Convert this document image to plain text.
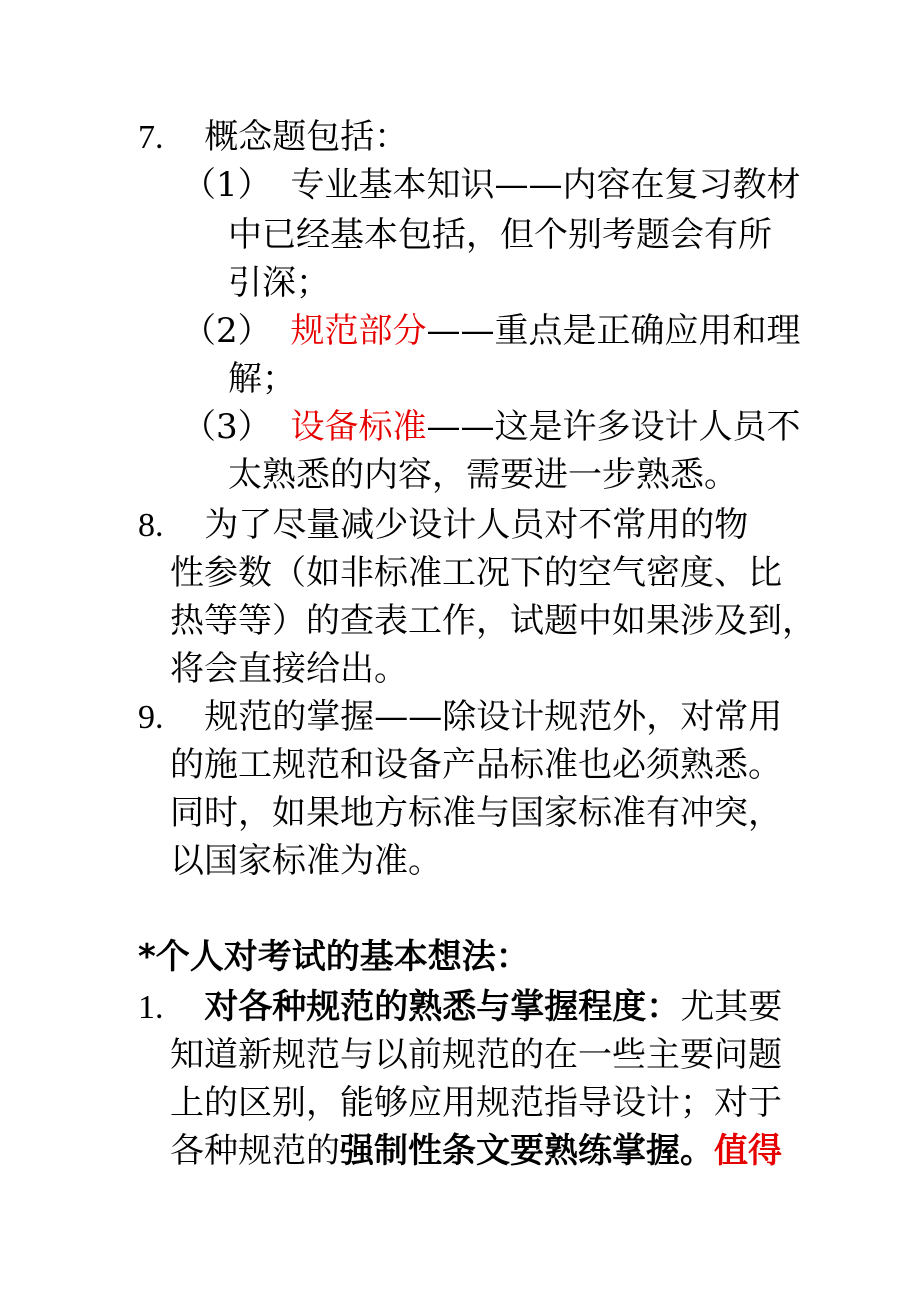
7. 概念题包括：
（1） 专业基本知识——内容在复习教材
中已经基本包括，但个别考题会有所
引深；
（2） 规范部分——重点是正确应用和理
解；
（3） 设备标准——这是许多设计人员不
太熟悉的内容，需要进一步熟悉。
8. 为了尽量减少设计人员对不常用的物
性参数（如非标准工况下的空气密度、比
热等等）的查表工作，试题中如果涉及到，
将会直接给出。
9. 规范的掌握——除设计规范外，对常用
的施工规范和设备产品标准也必须熟悉。
同时，如果地方标准与国家标准有冲突，
以国家标准为准。
*个人对考试的基本想法：
1. 对各种规范的熟悉与掌握程度：尤其要
知道新规范与以前规范的在一些主要问题
上的区别，能够应用规范指导设计；对于
各种规范的强制性条文要熟练掌握。值得
